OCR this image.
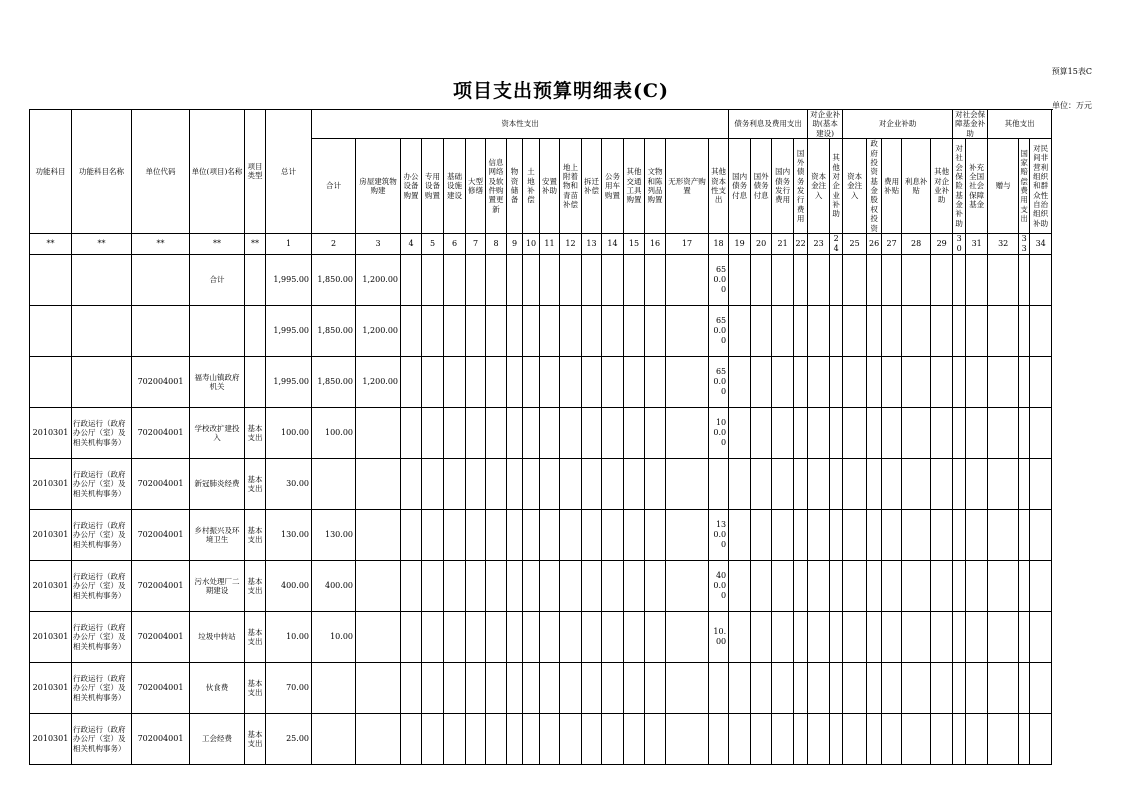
预算15表C
项目支出预算明细表(C)
单位：万元
功能科目	功能科目名称	单位代码	单位(项目)名称	项目类型	总计	资本性支出																	债务利息及费用支出				对企业补助(基本建设)		对企业补助					对社会保障基金补助		其他支出			
						合计	房屋建筑物购建	办公设备购置	专用设备购置	基础设施建设	大型修缮	信息网络及软件购置更新	物资储备	土地补偿	安置补助	地上附着物和青苗补偿	拆迁补偿	公务用车购置	其他交通工具购置	文物和陈列品购置	无形资产购置	其他资本性支出	国内债务付息	国外债务付息	国内债务发行费用	国外债务发行费用	资本金注入	其他对企业补助	资本金注入	政府投资基金股权投资	费用补贴	利息补贴	其他对企业补助	对社会保险基金补助	补充全国社会保障基金	赠与	国家赔偿费用支出	对民间非营利组织和群众性自治组织补助	
**	**	**	**	**	1	2	3	4	5	6	7	8	9	10	11	12	13	14	15	16	17	18	19	20	21	22	23	24	25	26	27	28	29	30	31	32	33	34	
			合计		1,995.00	1,850.00	1,200.00															650.00																	
					1,995.00	1,850.00	1,200.00															650.00																	
		702004001	福寿山镇政府机关		1,995.00	1,850.00	1,200.00															650.00																	
2010301	行政运行（政府办公厅（室）及相关机构事务）	702004001	学校改扩建投入	基本支出	100.00	100.00																100.00																	
2010301	行政运行（政府办公厅（室）及相关机构事务）	702004001	新冠肺炎经费	基本支出	30.00																																		
2010301	行政运行（政府办公厅（室）及相关机构事务）	702004001	乡村振兴及环境卫生	基本支出	130.00	130.00																130.00																	
2010301	行政运行（政府办公厅（室）及相关机构事务）	702004001	污水处理厂二期建设	基本支出	400.00	400.00																400.00																	
2010301	行政运行（政府办公厅（室）及相关机构事务）	702004001	垃圾中转站	基本支出	10.00	10.00																10.00																	
2010301	行政运行（政府办公厅（室）及相关机构事务）	702004001	伙食费	基本支出	70.00																																		
2010301	行政运行（政府办公厅（室）及相关机构事务）	702004001	工会经费	基本支出	25.00																																		
